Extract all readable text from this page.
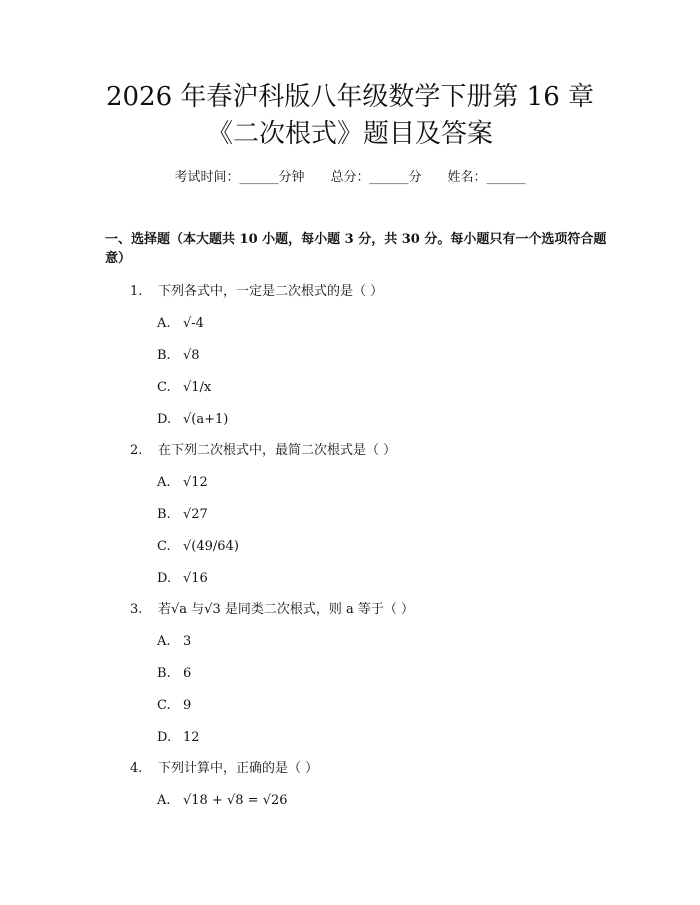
2026 年春沪科版八年级数学下册第 16 章
《二次根式》题目及答案
考试时间：______分钟 总分：______分 姓名：______
一、选择题（本大题共 10 小题，每小题 3 分，共 30 分。每小题只有一个选项符合题意）
1. 下列各式中，一定是二次根式的是（ ）
A. √-4
B. √8
C. √1/x
D. √(a+1)
2. 在下列二次根式中，最简二次根式是（ ）
A. √12
B. √27
C. √(49/64)
D. √16
3. 若√a 与√3 是同类二次根式，则 a 等于（ ）
A. 3
B. 6
C. 9
D. 12
4. 下列计算中，正确的是（ ）
A. √18 + √8 = √26
